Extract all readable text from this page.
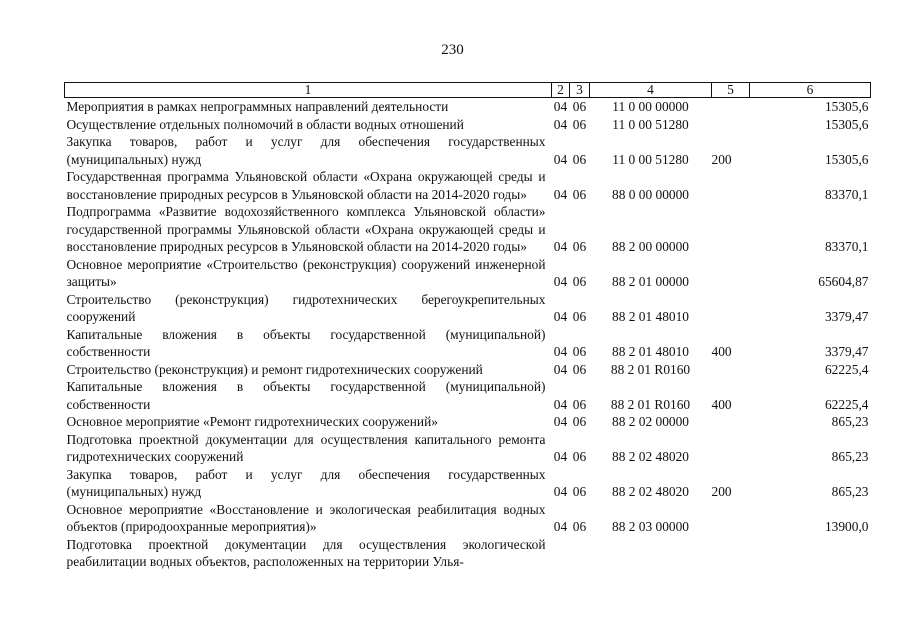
230
1	2	3	4	5	6
Мероприятия в рамках непрограммных направлений деятельности	04	06	11 0 00 00000		15305,6
Осуществление отдельных полномочий в области водных отношений	04	06	11 0 00 51280		15305,6
Закупка товаров, работ и услуг для обеспечения государственных (муниципальных) нужд	04	06	11 0 00 51280	200	15305,6
Государственная программа Ульяновской области «Охрана окружающей среды и восстановление природных ресурсов в Ульяновской области на 2014-2020 годы»	04	06	88 0 00 00000		83370,1
Подпрограмма «Развитие водохозяйственного комплекса Ульяновской области» государственной программы Ульяновской области «Охрана окружающей среды и восстановление природных ресурсов в Ульяновской области на 2014-2020 годы»	04	06	88 2 00 00000		83370,1
Основное мероприятие «Строительство (реконструкция) сооружений инженерной защиты»	04	06	88 2 01 00000		65604,87
Строительство (реконструкция) гидротехнических берегоукрепительных сооружений	04	06	88 2 01 48010		3379,47
Капитальные вложения в объекты государственной (муниципальной) собственности	04	06	88 2 01 48010	400	3379,47
Строительство (реконструкция) и ремонт гидротехнических сооружений	04	06	88 2 01 R0160		62225,4
Капитальные вложения в объекты государственной (муниципальной) собственности	04	06	88 2 01 R0160	400	62225,4
Основное мероприятие «Ремонт гидротехнических сооружений»	04	06	88 2 02 00000		865,23
Подготовка проектной документации для осуществления капитального ремонта гидротехнических сооружений	04	06	88 2 02 48020		865,23
Закупка товаров, работ и услуг для обеспечения государственных (муниципальных) нужд	04	06	88 2 02 48020	200	865,23
Основное мероприятие «Восстановление и экологическая реабилитация водных объектов (природоохранные мероприятия)»	04	06	88 2 03 00000		13900,0
Подготовка проектной документации для осуществления экологической реабилитации водных объектов, расположенных на территории Улья-					
